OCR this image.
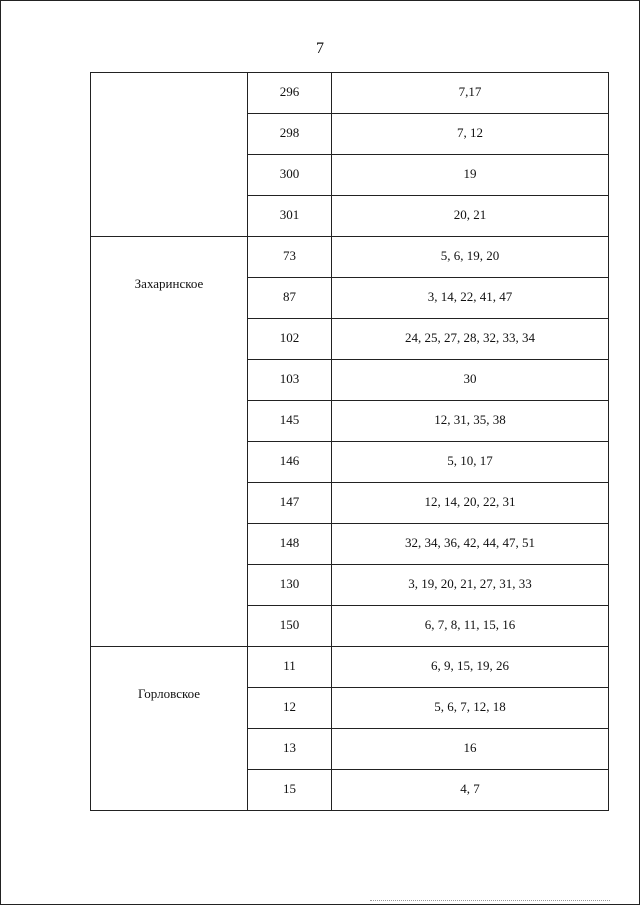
7
	296	7,17
	298	7, 12
	300	19
	301	20, 21

Захаринское	73	5, 6, 19, 20
	87	3, 14, 22, 41, 47
	102	24, 25, 27, 28, 32, 33, 34
	103	30
	145	12, 31, 35, 38
	146	5, 10, 17
	147	12, 14, 20, 22, 31
	148	32, 34, 36, 42, 44, 47, 51
	130	3, 19, 20, 21, 27, 31, 33
	150	6, 7, 8, 11, 15, 16

Горловское	11	6, 9, 15, 19, 26
	12	5, 6, 7, 12, 18
	13	16
	15	4, 7
